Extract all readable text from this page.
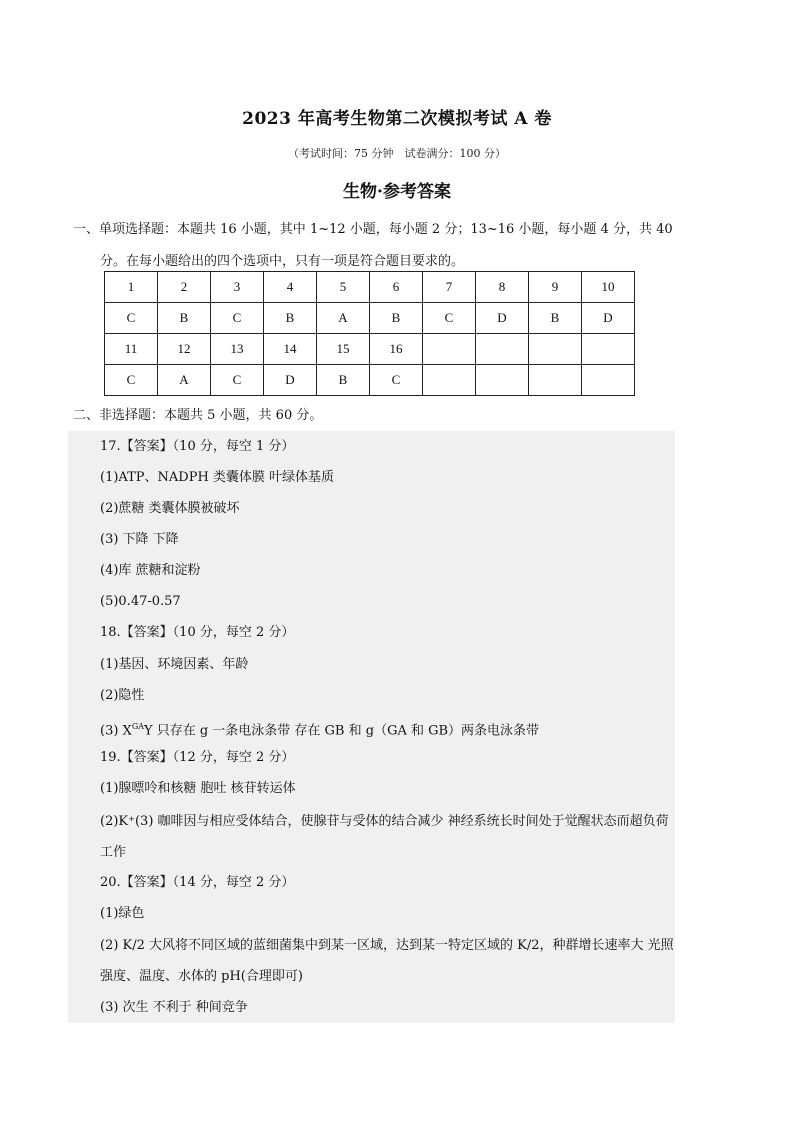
2023 年高考生物第二次模拟考试 A 卷
（考试时间：75 分钟　试卷满分：100 分）
生物·参考答案
一、单项选择题：本题共 16 小题，其中 1~12 小题，每小题 2 分；13~16 小题，每小题 4 分，共 40
分。在每小题给出的四个选项中，只有一项是符合题目要求的。
1	2	3	4	5	6	7	8	9	10
C	B	C	B	A	B	C	D	B	D
11	12	13	14	15	16				
C	A	C	D	B	C				
二、非选择题：本题共 5 小题，共 60 分。
17.【答案】（10 分，每空 1 分）
(1)ATP、NADPH 类囊体膜 叶绿体基质
(2)蔗糖 类囊体膜被破坏
(3) 下降 下降
(4)库 蔗糖和淀粉
(5)0.47-0.57
18.【答案】（10 分，每空 2 分）
(1)基因、环境因素、年龄
(2)隐性
(3) $X^{GA}Y$ 只存在 g 一条电泳条带 存在 GB 和 g（GA 和 GB）两条电泳条带
19.【答案】（12 分，每空 2 分）
(1)腺嘌呤和核糖 胞吐 核苷转运体
(2)K⁺(3) 咖啡因与相应受体结合，使腺苷与受体的结合减少 神经系统长时间处于觉醒状态而超负荷工作
20.【答案】（14 分，每空 2 分）
(1)绿色
(2) K/2 大风将不同区域的蓝细菌集中到某一区域，达到某一特定区域的 K/2，种群增长速率大 光照强度、温度、水体的 pH(合理即可)
(3) 次生 不利于 种间竞争
